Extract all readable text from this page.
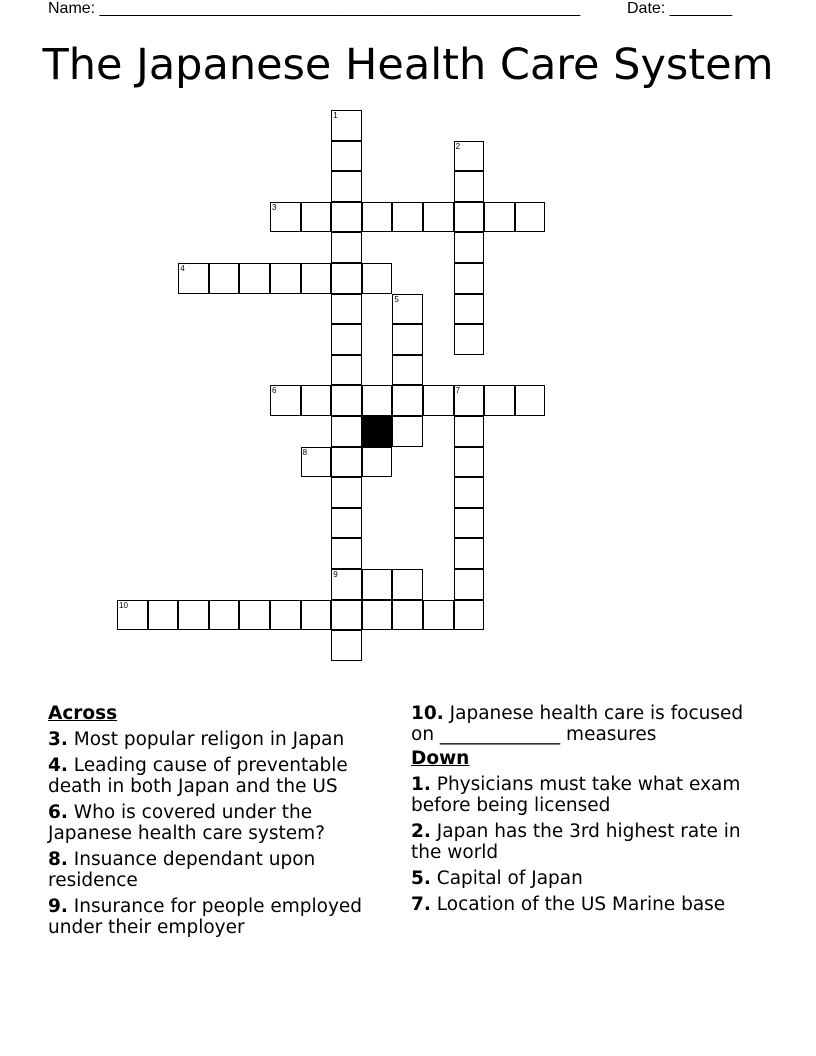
Name: ______________________________________________________	Date: _______
The Japanese Health Care System
1
2
3
4
5
6	7
8
9
10
Across
3. Most popular religon in Japan
4. Leading cause of preventable death in both Japan and the US
6. Who is covered under the Japanese health care system?
8. Insuance dependant upon residence
9. Insurance for people employed under their employer
10. Japanese health care is focused on _____________ measures
Down
1. Physicians must take what exam before being licensed
2. Japan has the 3rd highest rate in the world
5. Capital of Japan
7. Location of the US Marine base
